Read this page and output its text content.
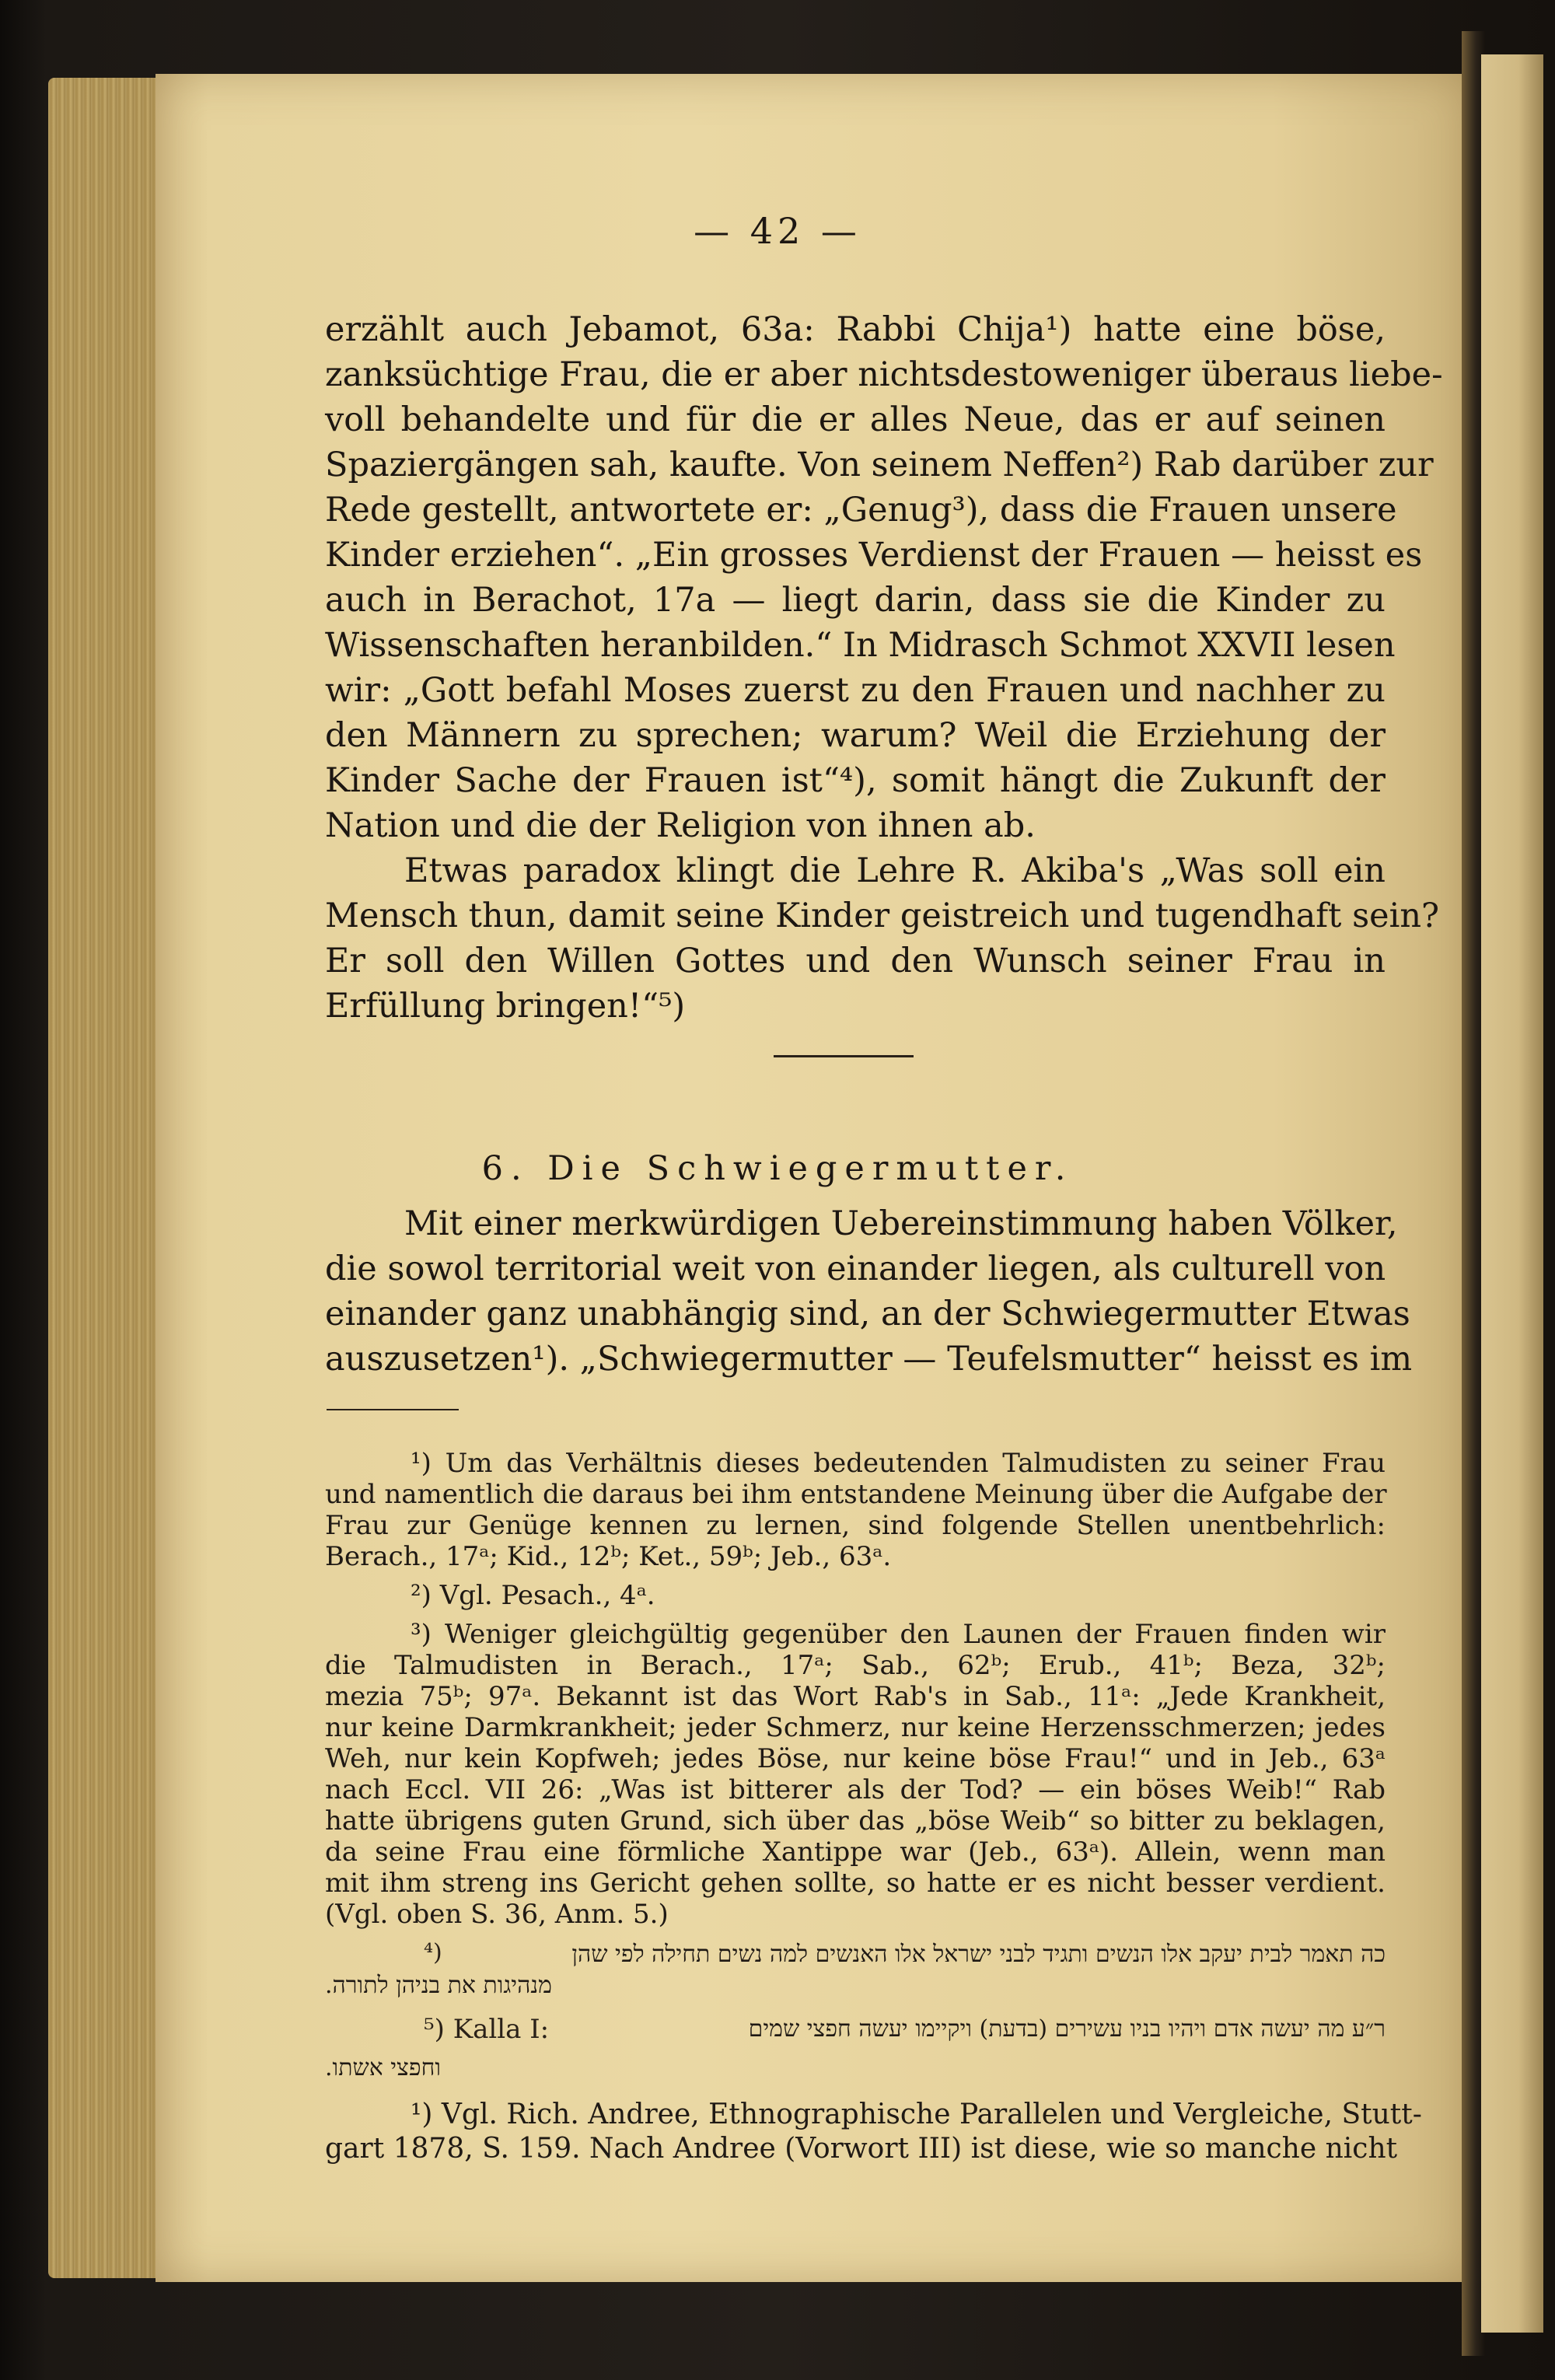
— 42 —
erzählt auch Jebamot, 63a: Rabbi Chija¹) hatte eine böse,
zanksüchtige Frau, die er aber nichtsdestoweniger überaus liebe-
voll behandelte und für die er alles Neue, das er auf seinen
Spaziergängen sah, kaufte. Von seinem Neffen²) Rab darüber zur
Rede gestellt, antwortete er: „Genug³), dass die Frauen unsere
Kinder erziehen“. „Ein grosses Verdienst der Frauen — heisst es
auch in Berachot, 17a — liegt darin, dass sie die Kinder zu
Wissenschaften heranbilden.“ In Midrasch Schmot XXVII lesen
wir: „Gott befahl Moses zuerst zu den Frauen und nachher zu
den Männern zu sprechen; warum? Weil die Erziehung der
Kinder Sache der Frauen ist“⁴), somit hängt die Zukunft der
Nation und die der Religion von ihnen ab.
Etwas paradox klingt die Lehre R. Akiba's „Was soll ein
Mensch thun, damit seine Kinder geistreich und tugendhaft sein?
Er soll den Willen Gottes und den Wunsch seiner Frau in
Erfüllung bringen!“⁵)
6. Die Schwiegermutter.
Mit einer merkwürdigen Uebereinstimmung haben Völker,
die sowol territorial weit von einander liegen, als culturell von
einander ganz unabhängig sind, an der Schwiegermutter Etwas
auszusetzen¹). „Schwiegermutter — Teufelsmutter“ heisst es im
¹) Um das Verhältnis dieses bedeutenden Talmudisten zu seiner Frau
und namentlich die daraus bei ihm entstandene Meinung über die Aufgabe der
Frau zur Genüge kennen zu lernen, sind folgende Stellen unentbehrlich:
Berach., 17ᵃ; Kid., 12ᵇ; Ket., 59ᵇ; Jeb., 63ᵃ.
²) Vgl. Pesach., 4ᵃ.
³) Weniger gleichgültig gegenüber den Launen der Frauen finden wir
die Talmudisten in Berach., 17ᵃ; Sab., 62ᵇ; Erub., 41ᵇ; Beza, 32ᵇ;
mezia 75ᵇ; 97ᵃ. Bekannt ist das Wort Rab's in Sab., 11ᵃ: „Jede Krankheit,
nur keine Darmkrankheit; jeder Schmerz, nur keine Herzensschmerzen; jedes
Weh, nur kein Kopfweh; jedes Böse, nur keine böse Frau!“ und in Jeb., 63ᵃ
nach Eccl. VII 26: „Was ist bitterer als der Tod? — ein böses Weib!“ Rab
hatte übrigens guten Grund, sich über das „böse Weib“ so bitter zu beklagen,
da seine Frau eine förmliche Xantippe war (Jeb., 63ᵃ). Allein, wenn man
mit ihm streng ins Gericht gehen sollte, so hatte er es nicht besser verdient.
(Vgl. oben S. 36, Anm. 5.)
⁴)	כה תאמר לבית יעקב אלו הנשים ותגיד לבני ישראל אלו האנשים למה נשים תחילה לפי שהן
מנהיגות את בניהן לתורה.
⁵) Kalla I:	ר״ע מה יעשה אדם ויהיו בניו עשירים (בדעת) ויקיימו יעשה חפצי שמים
וחפצי אשתו.
¹) Vgl. Rich. Andree, Ethnographische Parallelen und Vergleiche, Stutt-
gart 1878, S. 159. Nach Andree (Vorwort III) ist diese, wie so manche nicht
